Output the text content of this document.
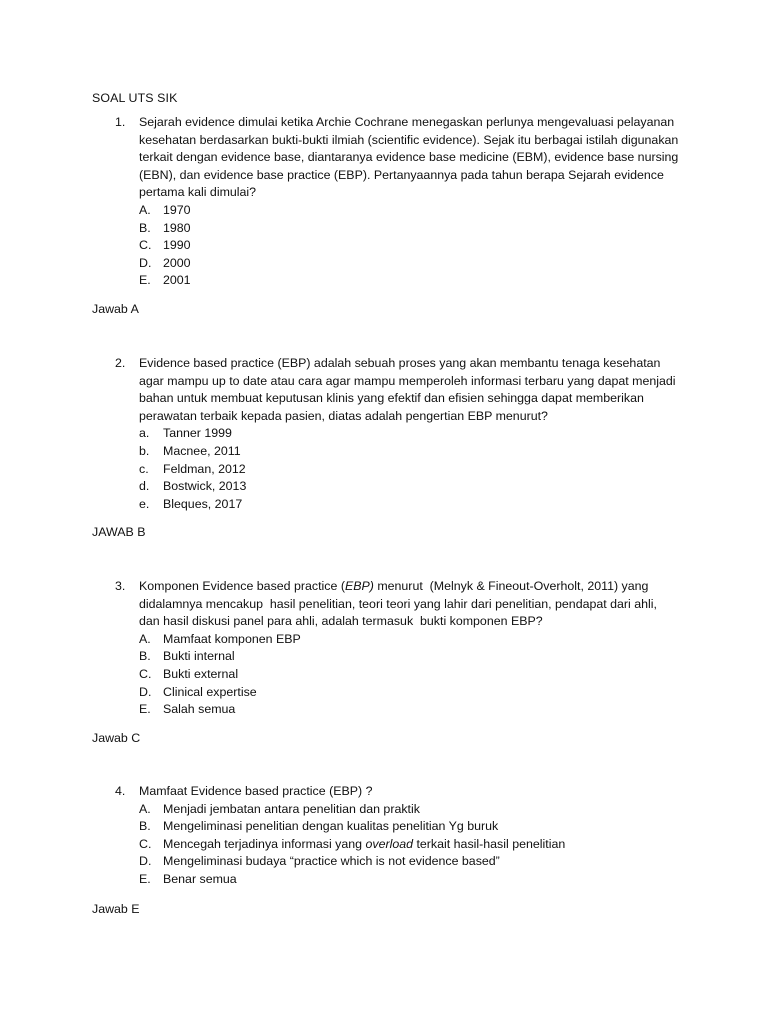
SOAL UTS SIK
1. Sejarah evidence dimulai ketika Archie Cochrane menegaskan perlunya mengevaluasi pelayanan kesehatan berdasarkan bukti-bukti ilmiah (scientific evidence). Sejak itu berbagai istilah digunakan terkait dengan evidence base, diantaranya evidence base medicine (EBM), evidence base nursing (EBN), dan evidence base practice (EBP). Pertanyaannya pada tahun berapa Sejarah evidence pertama kali dimulai?
A. 1970
B. 1980
C. 1990
D. 2000
E. 2001
Jawab A
2. Evidence based practice (EBP) adalah sebuah proses yang akan membantu tenaga kesehatan agar mampu up to date atau cara agar mampu memperoleh informasi terbaru yang dapat menjadi bahan untuk membuat keputusan klinis yang efektif dan efisien sehingga dapat memberikan perawatan terbaik kepada pasien, diatas adalah pengertian EBP menurut?
a.	Tanner 1999
b.	Macnee, 2011
c.	Feldman, 2012
d.	Bostwick, 2013
e.	Bleques, 2017
JAWAB B
3. Komponen Evidence based practice (EBP) menurut  (Melnyk & Fineout-Overholt, 2011) yang didalamnya mencakup  hasil penelitian, teori teori yang lahir dari penelitian, pendapat dari ahli, dan hasil diskusi panel para ahli, adalah termasuk  bukti komponen EBP?
A. Mamfaat komponen EBP
B. Bukti internal
C. Bukti external
D. Clinical expertise
E. Salah semua
Jawab C
4. Mamfaat Evidence based practice (EBP) ?
A. Menjadi jembatan antara penelitian dan praktik
B. Mengeliminasi penelitian dengan kualitas penelitian Yg buruk
C. Mencegah terjadinya informasi yang overload terkait hasil-hasil penelitian
D. Mengeliminasi budaya “practice which is not evidence based”
E. Benar semua
Jawab E
